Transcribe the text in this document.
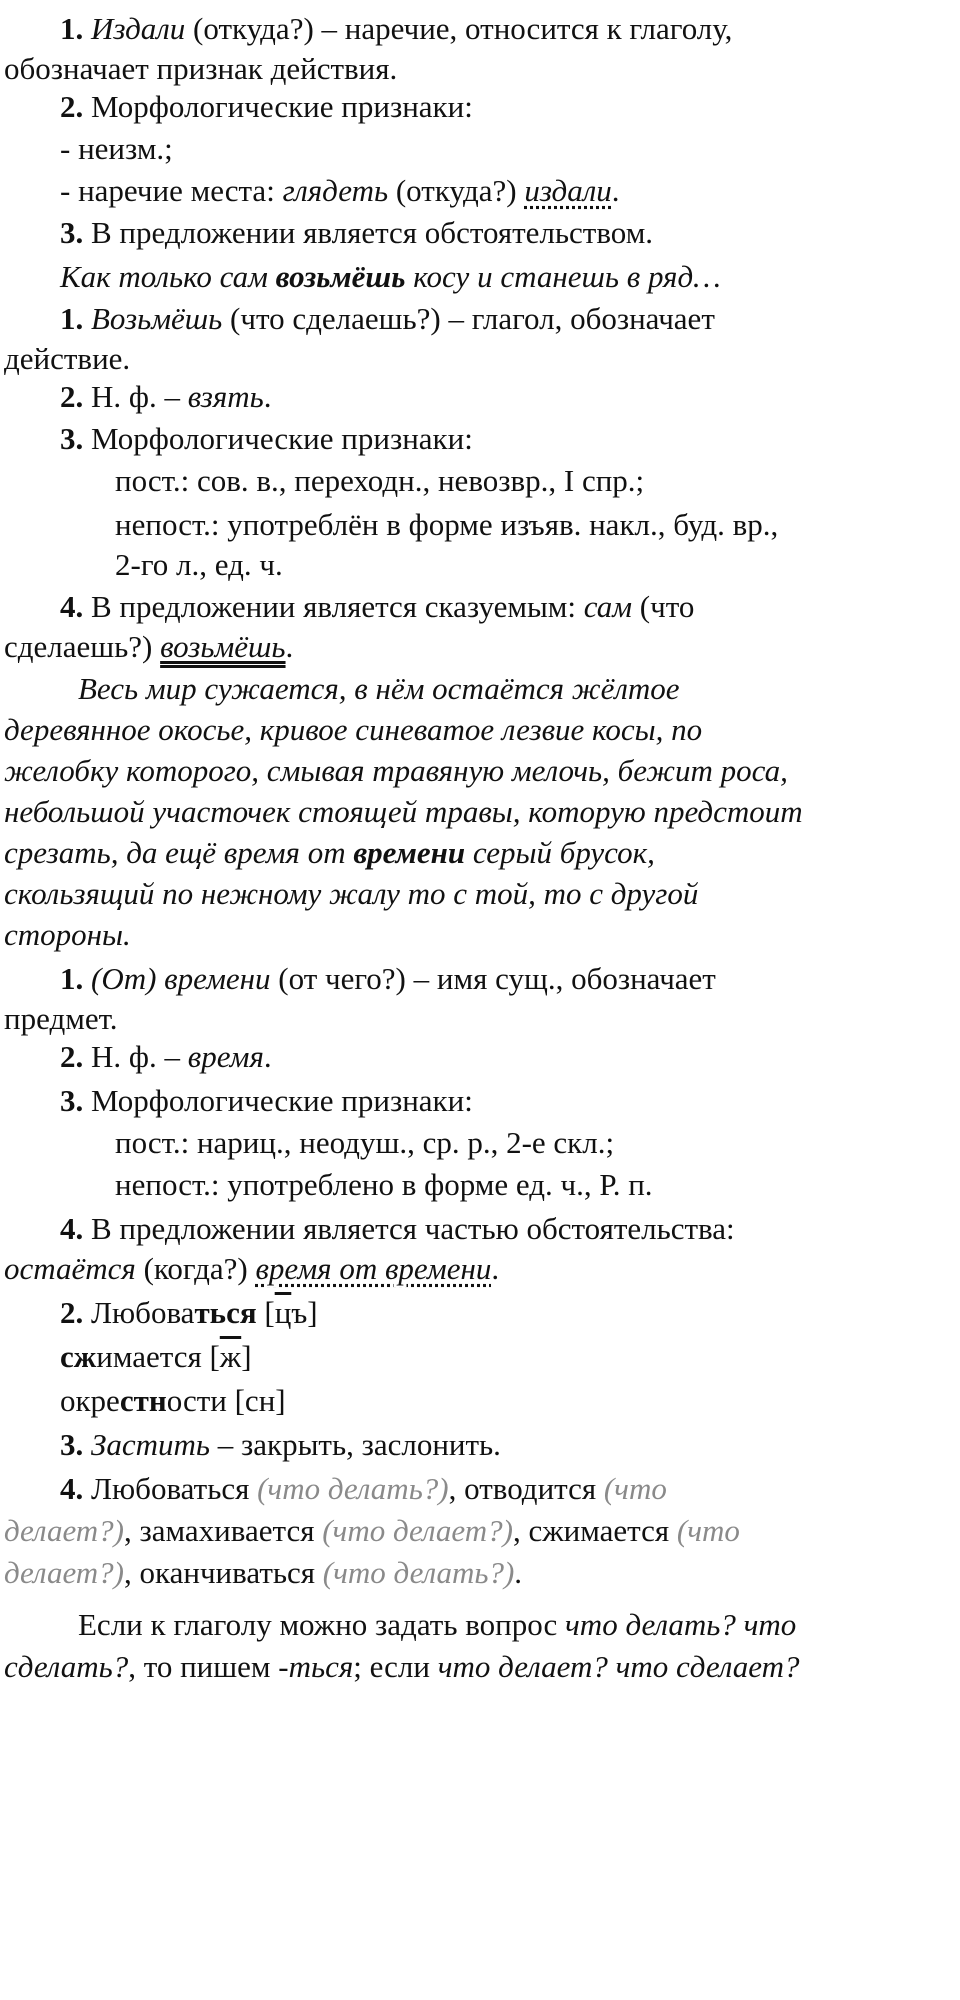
1. Издали (откуда?) – наречие, относится к глаголу,
обозначает признак действия.
2. Морфологические признаки:
- неизм.;
- наречие места: глядеть (откуда?) издали.
3. В предложении является обстоятельством.
Как только сам возьмёшь косу и станешь в ряд…
1. Возьмёшь (что сделаешь?) – глагол, обозначает
действие.
2. Н. ф. – взять.
3. Морфологические признаки:
пост.: сов. в., переходн., невозвр., I спр.;
непост.: употреблён в форме изъяв. накл., буд. вр.,
2-го л., ед. ч.
4. В предложении является сказуемым: сам (что
сделаешь?) возьмёшь.
Весь мир сужается, в нём остаётся жёлтое
деревянное окосье, кривое синеватое лезвие косы, по
желобку которого, смывая травяную мелочь, бежит роса,
небольшой участочек стоящей травы, которую предстоит
срезать, да ещё время от времени серый брусок,
скользящий по нежному жалу то с той, то с другой
стороны.
1. (От) времени (от чего?) – имя сущ., обозначает
предмет.
2. Н. ф. – время.
3. Морфологические признаки:
пост.: нариц., неодуш., ср. р., 2-е скл.;
непост.: употреблено в форме ед. ч., Р. п.
4. В предложении является частью обстоятельства:
остаётся (когда?) время от времени.
2. Любоваться [цъ]
сжимается [ж]
окрестности [сн]
3. Застить – закрыть, заслонить.
4. Любоваться (что делать?), отводится (что
делает?), замахивается (что делает?), сжимается (что
делает?), оканчиваться (что делать?).
Если к глаголу можно задать вопрос что делать? что
сделать?, то пишем -ться; если что делает? что сделает?
